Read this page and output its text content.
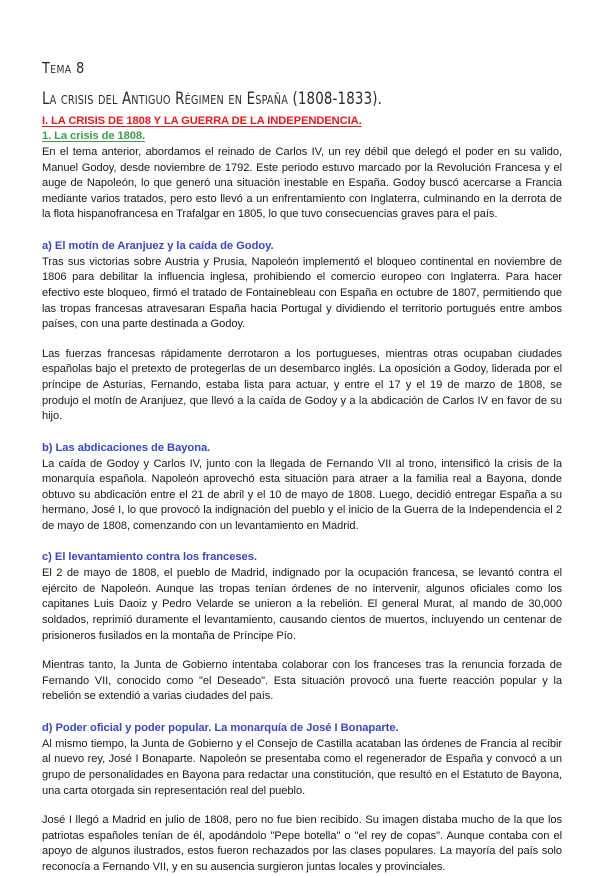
Tema 8
La crisis del Antiguo Régimen en España (1808-1833).
I. LA CRISIS DE 1808 Y LA GUERRA DE LA INDEPENDENCIA.
1. La crisis de 1808.

En el tema anterior, abordamos el reinado de Carlos IV, un rey débil que delegó el poder en su valido, Manuel Godoy, desde noviembre de 1792. Este periodo estuvo marcado por la Revolución Francesa y el auge de Napoleón, lo que generó una situación inestable en España. Godoy buscó acercarse a Francia mediante varios tratados, pero esto llevó a un enfrentamiento con Inglaterra, culminando en la derrota de la flota hispanofrancesa en Trafalgar en 1805, lo que tuvo consecuencias graves para el país.

a) El motín de Aranjuez y la caída de Godoy.

Tras sus victorias sobre Austria y Prusia, Napoleón implementó el bloqueo continental en noviembre de 1806 para debilitar la influencia inglesa, prohibiendo el comercio europeo con Inglaterra. Para hacer efectivo este bloqueo, firmó el tratado de Fontainebleau con España en octubre de 1807, permitiendo que las tropas francesas atravesaran España hacia Portugal y dividiendo el territorio portugués entre ambos países, con una parte destinada a Godoy.

Las fuerzas francesas rápidamente derrotaron a los portugueses, mientras otras ocupaban ciudades españolas bajo el pretexto de protegerlas de un desembarco inglés. La oposición a Godoy, liderada por el príncipe de Asturias, Fernando, estaba lista para actuar, y entre el 17 y el 19 de marzo de 1808, se produjo el motín de Aranjuez, que llevó a la caída de Godoy y a la abdicación de Carlos IV en favor de su hijo.

b) Las abdicaciones de Bayona.

La caída de Godoy y Carlos IV, junto con la llegada de Fernando VII al trono, intensificó la crisis de la monarquía española. Napoleón aprovechó esta situación para atraer a la familia real a Bayona, donde obtuvo su abdicación entre el 21 de abril y el 10 de mayo de 1808. Luego, decidió entregar España a su hermano, José I, lo que provocó la indignación del pueblo y el inicio de la Guerra de la Independencia el 2 de mayo de 1808, comenzando con un levantamiento en Madrid.

c) El levantamiento contra los franceses.

El 2 de mayo de 1808, el pueblo de Madrid, indignado por la ocupación francesa, se levantó contra el ejército de Napoleón. Aunque las tropas tenían órdenes de no intervenir, algunos oficiales como los capitanes Luis Daoiz y Pedro Velarde se unieron a la rebelión. El general Murat, al mando de 30,000 soldados, reprimió duramente el levantamiento, causando cientos de muertos, incluyendo un centenar de prisioneros fusilados en la montaña de Príncipe Pío.

Mientras tanto, la Junta de Gobierno intentaba colaborar con los franceses tras la renuncia forzada de Fernando VII, conocido como "el Deseado". Esta situación provocó una fuerte reacción popular y la rebelión se extendió a varias ciudades del país.

d) Poder oficial y poder popular. La monarquía de José I Bonaparte.

Al mismo tiempo, la Junta de Gobierno y el Consejo de Castilla acataban las órdenes de Francia al recibir al nuevo rey, José I Bonaparte. Napoleón se presentaba como el regenerador de España y convocó a un grupo de personalidades en Bayona para redactar una constitución, que resultó en el Estatuto de Bayona, una carta otorgada sin representación real del pueblo.

José I llegó a Madrid en julio de 1808, pero no fue bien recibido. Su imagen distaba mucho de la que los patriotas españoles tenían de él, apodándolo "Pepe botella" o "el rey de copas". Aunque contaba con el apoyo de algunos ilustrados, estos fueron rechazados por las clases populares. La mayoría del país solo reconocía a Fernando VII, y en su ausencia surgieron juntas locales y provinciales.
